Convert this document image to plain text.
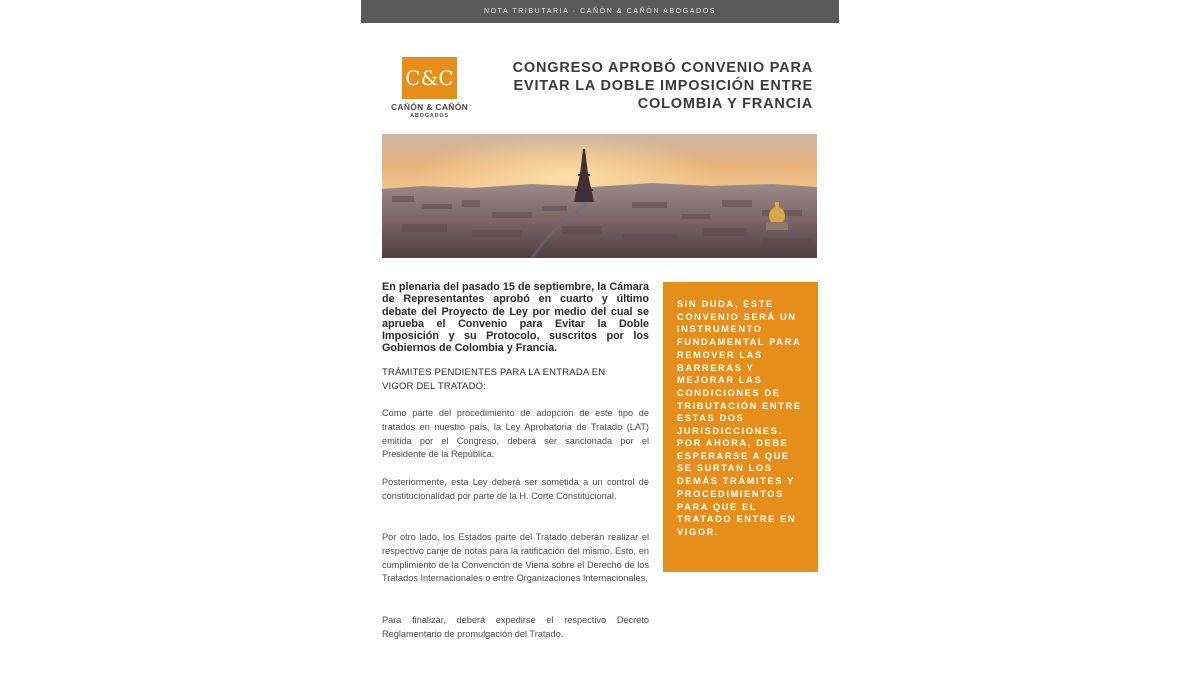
NOTA TRIBUTARIA · CAÑÓN & CAÑÓN ABOGADOS
C&C
CAÑÓN & CAÑÓN
ABOGADOS
CONGRESO APROBÓ CONVENIO PARA EVITAR LA DOBLE IMPOSICIÓN ENTRE COLOMBIA Y FRANCIA
En plenaria del pasado 15 de septiembre, la Cámara de Representantes aprobó en cuarto y último debate del Proyecto de Ley por medio del cual se aprueba el Convenio para Evitar la Doble Imposición y su Protocolo, suscritos por los Gobiernos de Colombia y Francia.
TRÁMITES PENDIENTES PARA LA ENTRADA EN VIGOR DEL TRATADO:
Como parte del procedimiento de adopción de este tipo de tratados en nuestro país, la Ley Aprobatoria de Tratado (LAT) emitida por el Congreso, deberá ser sancionada por el Presidente de la República.
Posteriormente, esta Ley deberá ser sometida a un control de constitucionalidad por parte de la H. Corte Constitucional.
Por otro lado, los Estados parte del Tratado deberán realizar el respectivo canje de notas para la ratificación del mismo. Esto, en cumplimiento de la Convención de Viena sobre el Derecho de los Tratados Internacionales o entre Organizaciones Internacionales.
Para finalizar, deberá expedirse el respectivo Decreto Reglamentario de promulgación del Tratado.
SIN DUDA, ESTE CONVENIO SERÁ UN INSTRUMENTO FUNDAMENTAL PARA REMOVER LAS BARRERAS Y MEJORAR LAS CONDICIONES DE TRIBUTACIÓN ENTRE ESTAS DOS JURISDICCIONES.
POR AHORA, DEBE ESPERARSE A QUE SE SURTAN LOS DEMÁS TRÁMITES Y PROCEDIMIENTOS PARA QUE EL TRATADO ENTRE EN VIGOR.
